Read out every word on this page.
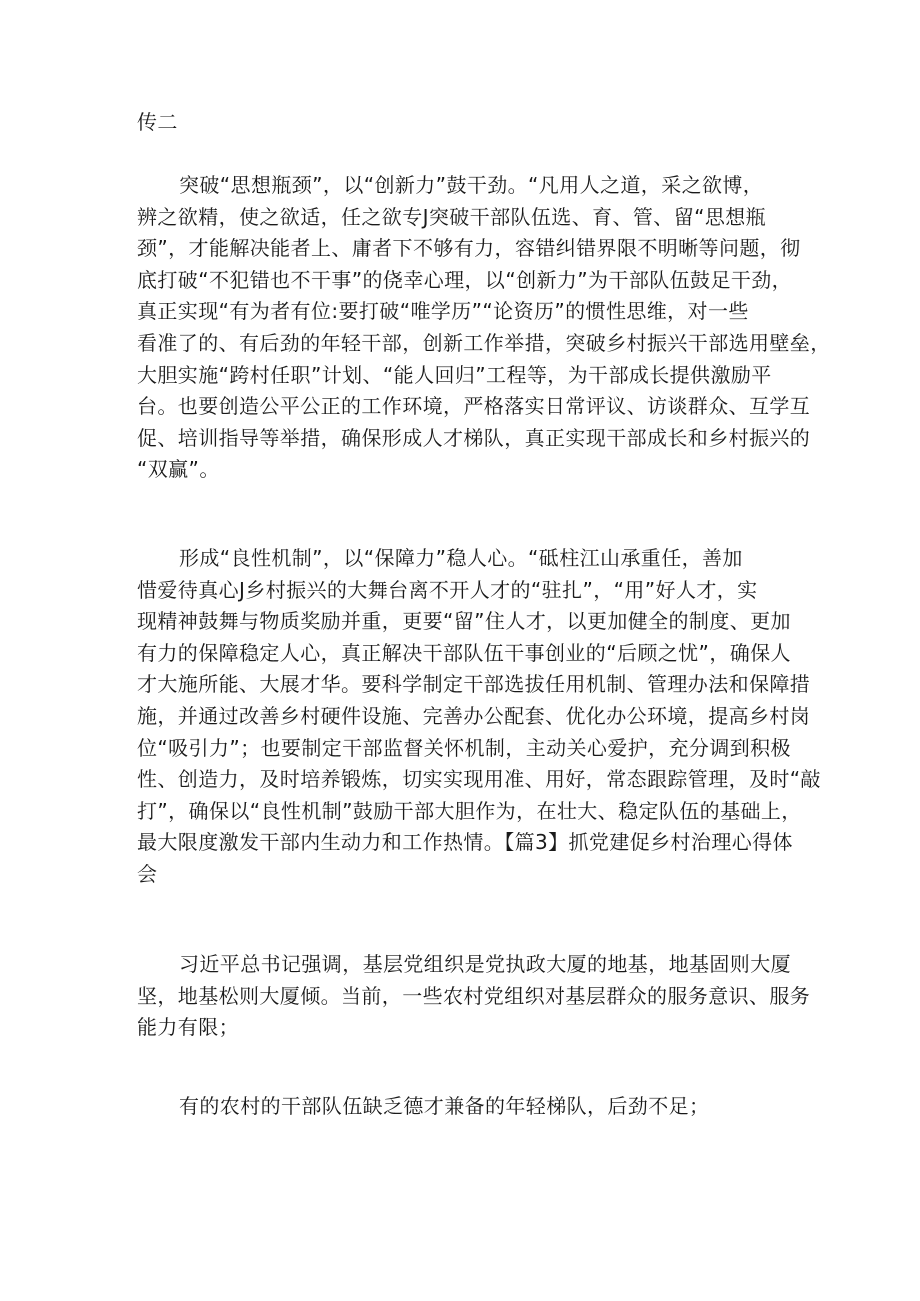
传二

突破“思想瓶颈”，以“创新力”鼓干劲。“凡用人之道，采之欲博，
辨之欲精，使之欲适，任之欲专J突破干部队伍选、育、管、留“思想瓶
颈”，才能解决能者上、庸者下不够有力，容错纠错界限不明晰等问题，彻
底打破“不犯错也不干事”的侥幸心理，以“创新力”为干部队伍鼓足干劲，
真正实现“有为者有位:要打破“唯学历”“论资历”的惯性思维，对一些
看准了的、有后劲的年轻干部，创新工作举措，突破乡村振兴干部选用壁垒，
大胆实施“跨村任职”计划、“能人回归”工程等，为干部成长提供激励平
台。也要创造公平公正的工作环境，严格落实日常评议、访谈群众、互学互
促、培训指导等举措，确保形成人才梯队，真正实现干部成长和乡村振兴的
“双赢”。

形成“良性机制”，以“保障力”稳人心。“砥柱江山承重任，善加
惜爱待真心J乡村振兴的大舞台离不开人才的“驻扎”，“用”好人才，实
现精神鼓舞与物质奖励并重，更要“留”住人才，以更加健全的制度、更加
有力的保障稳定人心，真正解决干部队伍干事创业的“后顾之忧”，确保人
才大施所能、大展才华。要科学制定干部选拔任用机制、管理办法和保障措
施，并通过改善乡村硬件设施、完善办公配套、优化办公环境，提高乡村岗
位“吸引力”；也要制定干部监督关怀机制，主动关心爱护，充分调到积极
性、创造力，及时培养锻炼，切实实现用准、用好，常态跟踪管理，及时“敲
打”，确保以“良性机制”鼓励干部大胆作为，在壮大、稳定队伍的基础上，
最大限度激发干部内生动力和工作热情。【篇3】抓党建促乡村治理心得体
会

习近平总书记强调，基层党组织是党执政大厦的地基，地基固则大厦
坚，地基松则大厦倾。当前，一些农村党组织对基层群众的服务意识、服务
能力有限；

有的农村的干部队伍缺乏德才兼备的年轻梯队，后劲不足；
